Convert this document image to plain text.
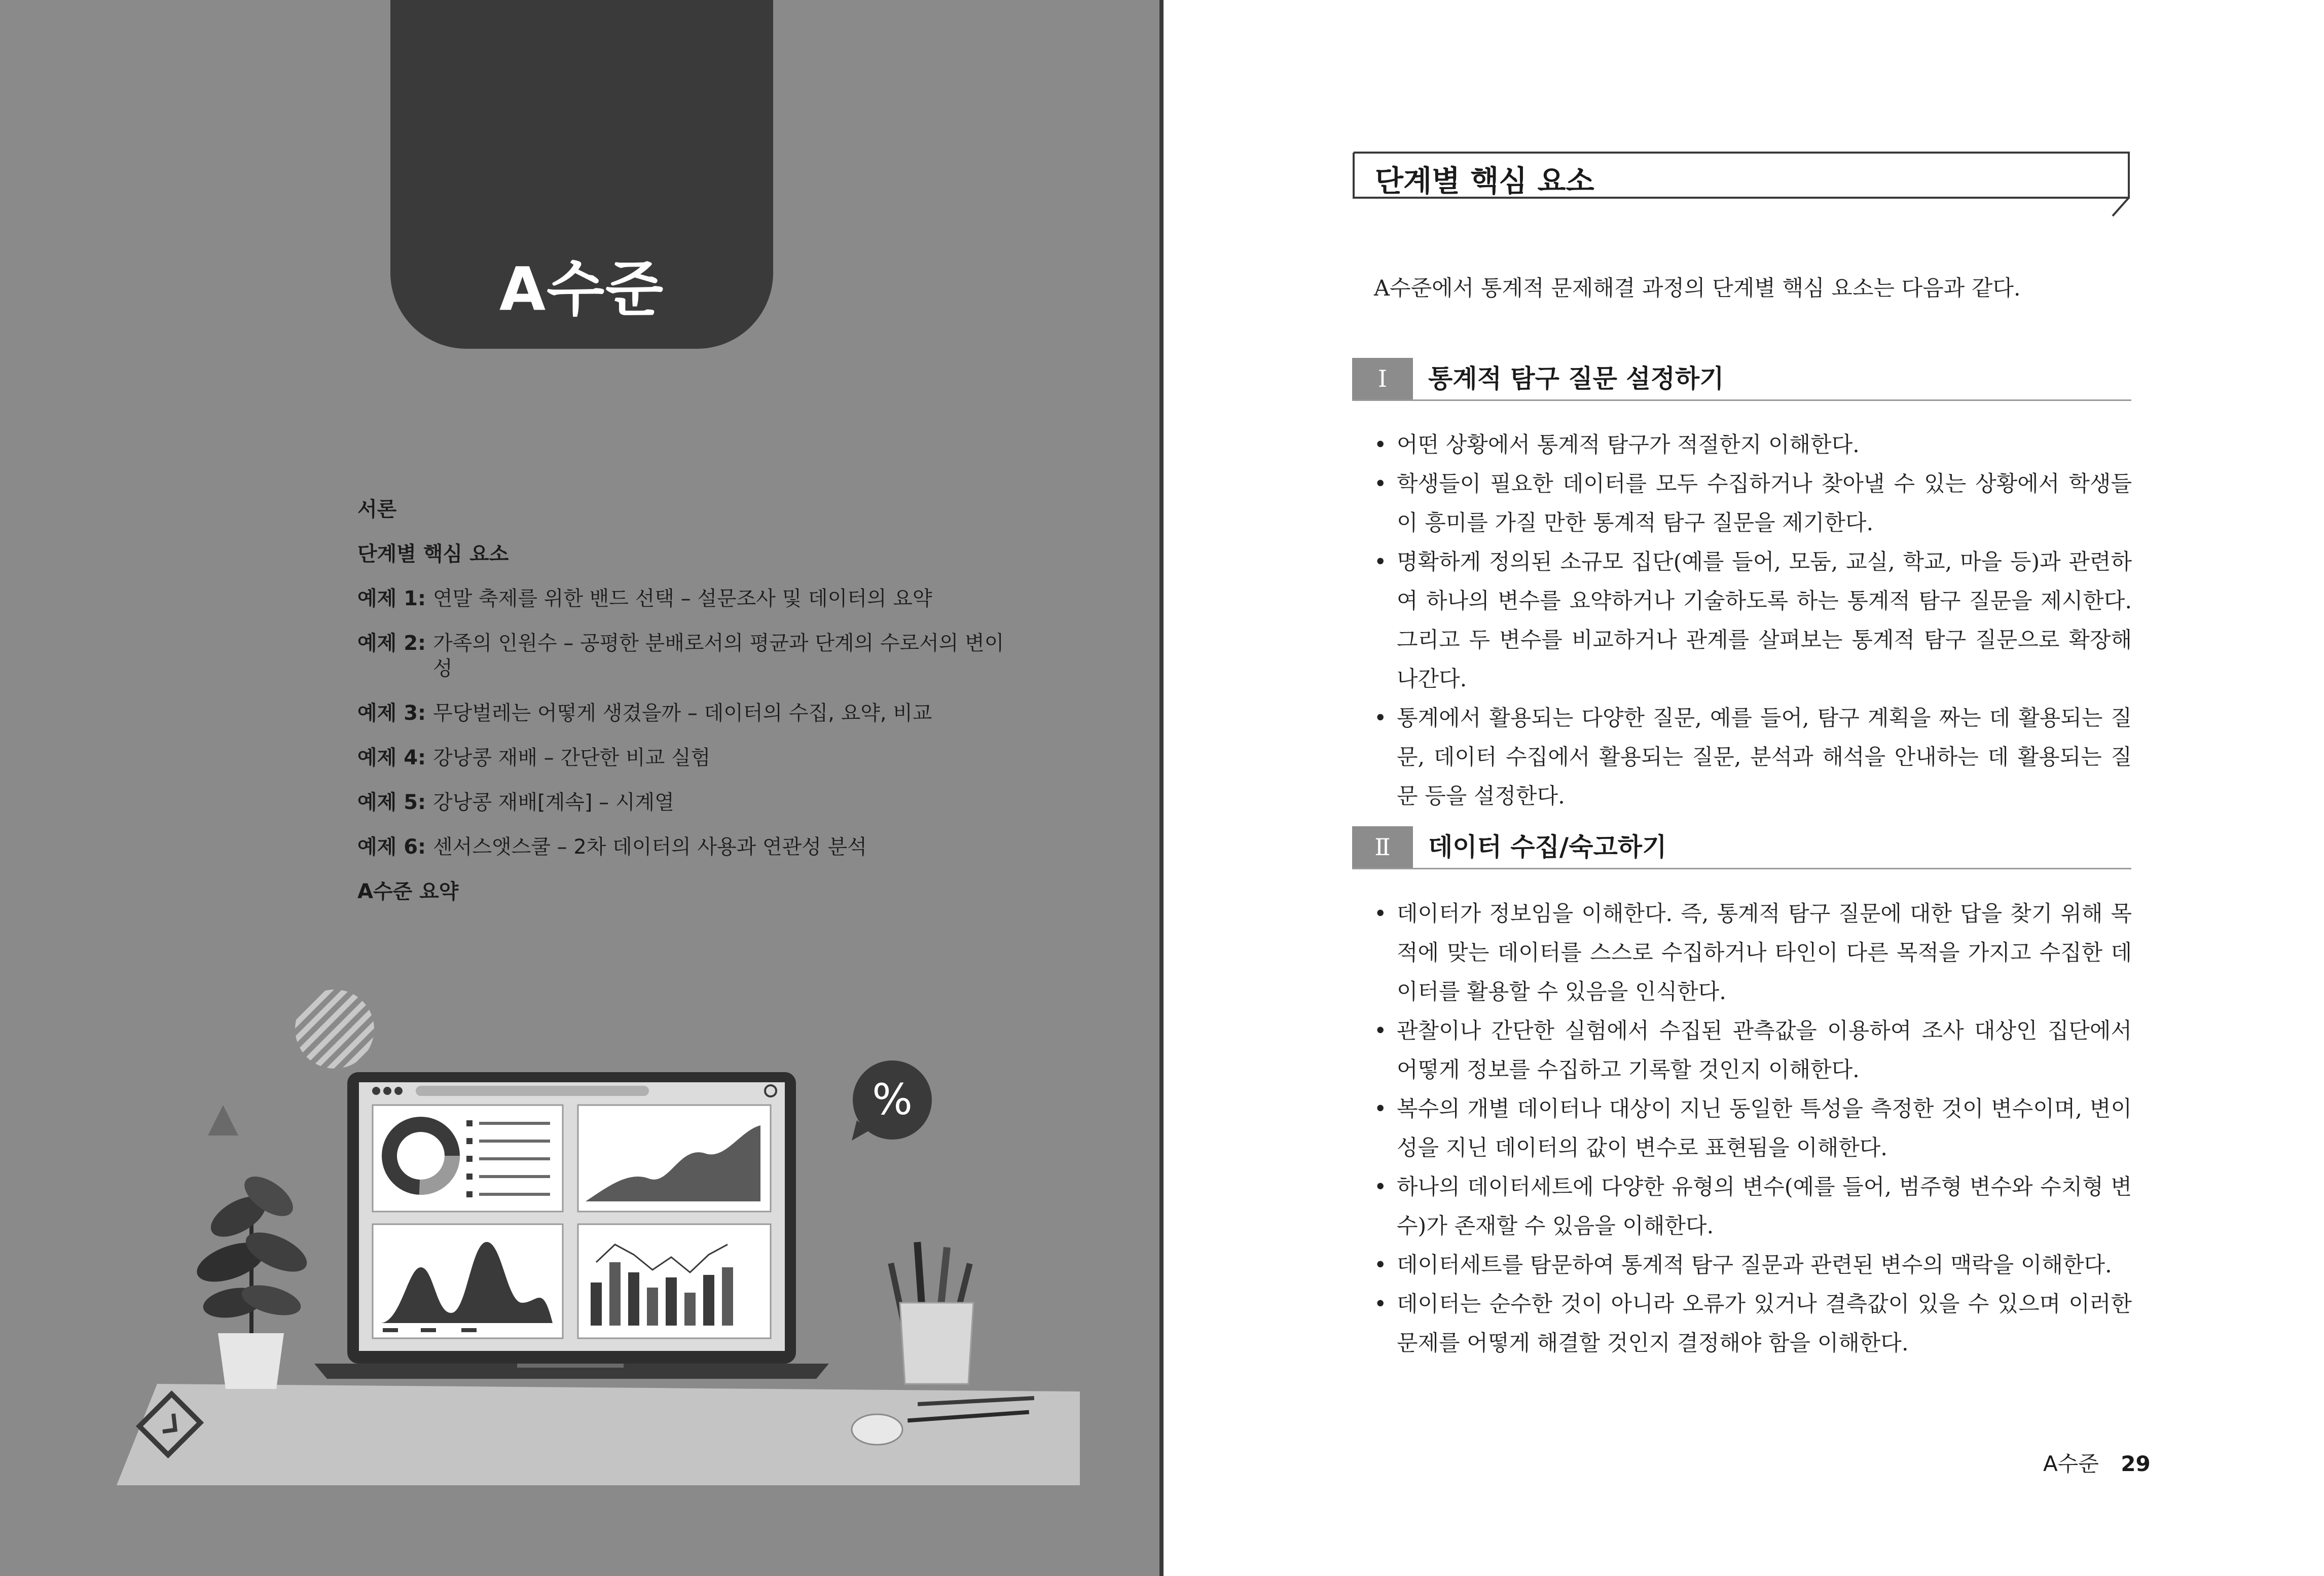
A수준
서론
단계별 핵심 요소
예제 1: 연말 축제를 위한 밴드 선택 – 설문조사 및 데이터의 요약
예제 2: 가족의 인원수 – 공평한 분배로서의 평균과 단계의 수로서의 변이성
예제 3: 무당벌레는 어떻게 생겼을까 – 데이터의 수집, 요약, 비교
예제 4: 강낭콩 재배 – 간단한 비교 실험
예제 5: 강낭콩 재배[계속] – 시계열
예제 6: 센서스앳스쿨 – 2차 데이터의 사용과 연관성 분석
A수준 요약
%
단계별 핵심 요소
A수준에서 통계적 문제해결 과정의 단계별 핵심 요소는 다음과 같다.
Ⅰ	통계적 탐구 질문 설정하기
• 어떤 상황에서 통계적 탐구가 적절한지 이해한다.
• 학생들이 필요한 데이터를 모두 수집하거나 찾아낼 수 있는 상황에서 학생들이 흥미를 가질 만한 통계적 탐구 질문을 제기한다.
• 명확하게 정의된 소규모 집단(예를 들어, 모둠, 교실, 학교, 마을 등)과 관련하여 하나의 변수를 요약하거나 기술하도록 하는 통계적 탐구 질문을 제시한다. 그리고 두 변수를 비교하거나 관계를 살펴보는 통계적 탐구 질문으로 확장해 나간다.
• 통계에서 활용되는 다양한 질문, 예를 들어, 탐구 계획을 짜는 데 활용되는 질문, 데이터 수집에서 활용되는 질문, 분석과 해석을 안내하는 데 활용되는 질문 등을 설정한다.
Ⅱ	데이터 수집/숙고하기
• 데이터가 정보임을 이해한다. 즉, 통계적 탐구 질문에 대한 답을 찾기 위해 목적에 맞는 데이터를 스스로 수집하거나 타인이 다른 목적을 가지고 수집한 데이터를 활용할 수 있음을 인식한다.
• 관찰이나 간단한 실험에서 수집된 관측값을 이용하여 조사 대상인 집단에서 어떻게 정보를 수집하고 기록할 것인지 이해한다.
• 복수의 개별 데이터나 대상이 지닌 동일한 특성을 측정한 것이 변수이며, 변이성을 지닌 데이터의 값이 변수로 표현됨을 이해한다.
• 하나의 데이터세트에 다양한 유형의 변수(예를 들어, 범주형 변수와 수치형 변수)가 존재할 수 있음을 이해한다.
• 데이터세트를 탐문하여 통계적 탐구 질문과 관련된 변수의 맥락을 이해한다.
• 데이터는 순수한 것이 아니라 오류가 있거나 결측값이 있을 수 있으며 이러한 문제를 어떻게 해결할 것인지 결정해야 함을 이해한다.
A수준 29
